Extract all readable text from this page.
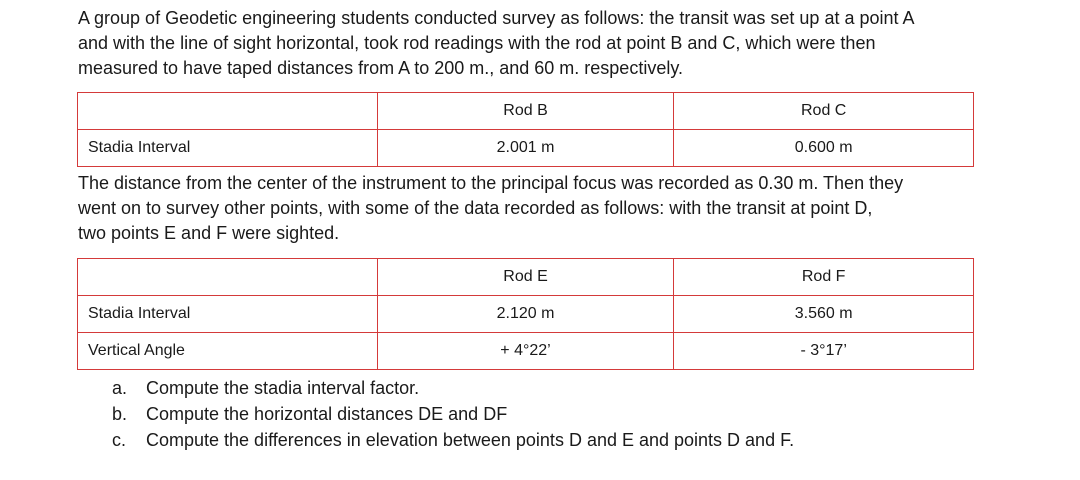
A group of Geodetic engineering students conducted survey as follows: the transit was set up at a point A
and with the line of sight horizontal, took rod readings with the rod at point B and C, which were then
measured to have taped distances from A to 200 m., and 60 m. respectively.

	Rod B	Rod C
Stadia Interval	2.001 m	0.600 m

The distance from the center of the instrument to the principal focus was recorded as 0.30 m. Then they
went on to survey other points, with some of the data recorded as follows: with the transit at point D,
two points E and F were sighted.

	Rod E	Rod F
Stadia Interval	2.120 m	3.560 m
Vertical Angle	+ 4°22’	- 3°17’
a. Compute the stadia interval factor.
b. Compute the horizontal distances DE and DF
c. Compute the differences in elevation between points D and E and points D and F.
